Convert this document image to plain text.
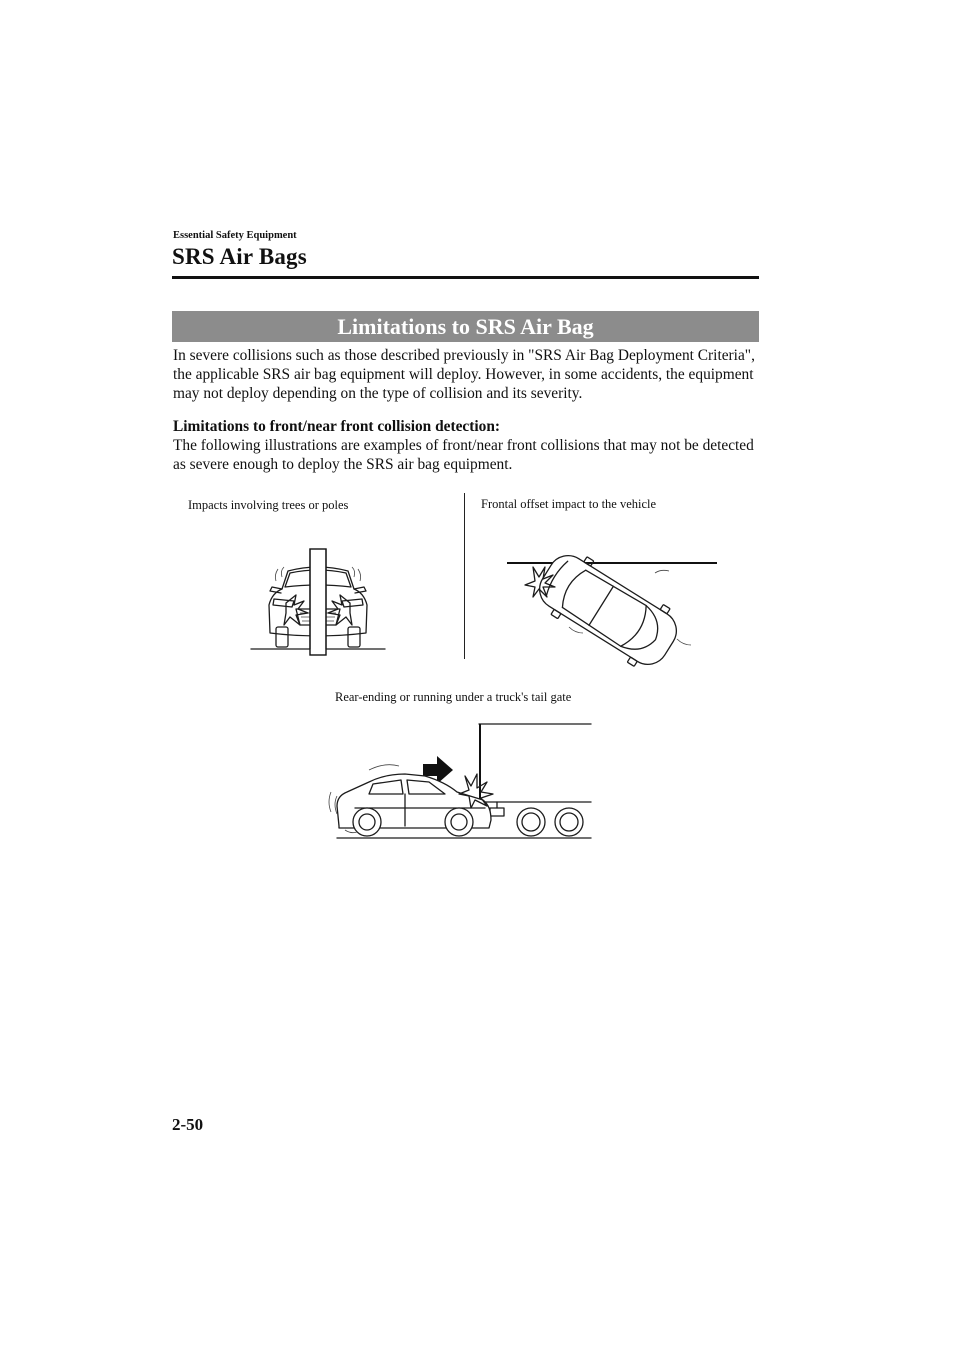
Essential Safety Equipment
SRS Air Bags
Limitations to SRS Air Bag
In severe collisions such as those described previously in "SRS Air Bag Deployment Criteria", the applicable SRS air bag equipment will deploy. However, in some accidents, the equipment may not deploy depending on the type of collision and its severity.
Limitations to front/near front collision detection:
The following illustrations are examples of front/near front collisions that may not be detected as severe enough to deploy the SRS air bag equipment.
Impacts involving trees or poles	Frontal offset impact to the vehicle
Rear-ending or running under a truck's tail gate
2-50
